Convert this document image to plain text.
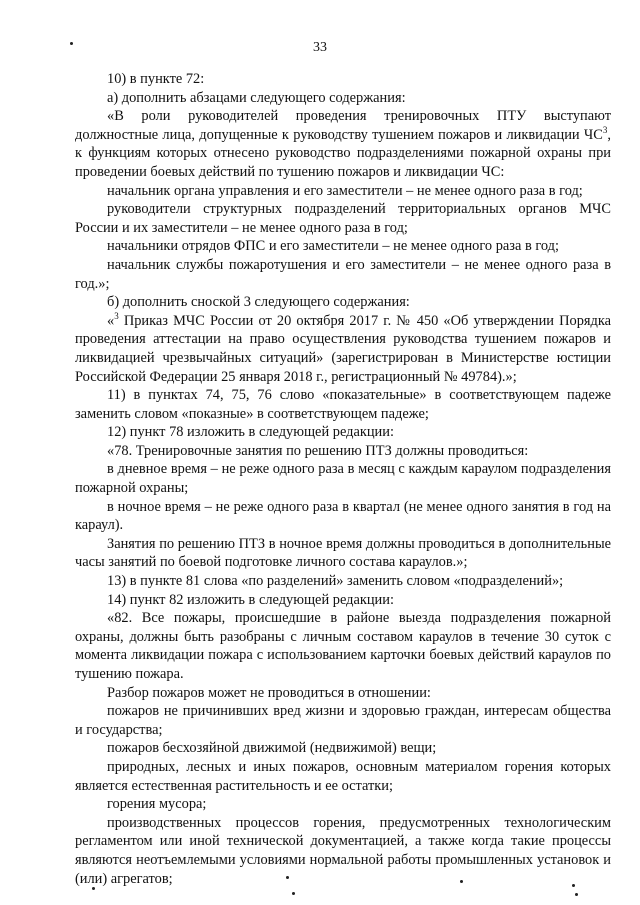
33

10) в пункте 72:

а) дополнить абзацами следующего содержания:

«В роли руководителей проведения тренировочных ПТУ выступают должностные лица, допущенные к руководству тушением пожаров и ликвидации $ЧС^3$, к функциям которых отнесено руководство подразделениями пожарной охраны при проведении боевых действий по тушению пожаров и ликвидации ЧС:

начальник органа управления и его заместители – не менее одного раза в год;

руководители структурных подразделений территориальных органов МЧС России и их заместители – не менее одного раза в год;

начальники отрядов ФПС и его заместители – не менее одного раза в год;

начальник службы пожаротушения и его заместители – не менее одного раза в год.»;

б) дополнить сноской 3 следующего содержания:

«$^3$ Приказ МЧС России от 20 октября 2017 г. № 450 «Об утверждении Порядка проведения аттестации на право осуществления руководства тушением пожаров и ликвидацией чрезвычайных ситуаций» (зарегистрирован в Министерстве юстиции Российской Федерации 25 января 2018 г., регистрационный № 49784).»;

11) в пунктах 74, 75, 76 слово «показательные» в соответствующем падеже заменить словом «показные» в соответствующем падеже;

12) пункт 78 изложить в следующей редакции:

«78. Тренировочные занятия по решению ПТЗ должны проводиться:

в дневное время – не реже одного раза в месяц с каждым караулом подразделения пожарной охраны;

в ночное время – не реже одного раза в квартал (не менее одного занятия в год на караул).

Занятия по решению ПТЗ в ночное время должны проводиться в дополнительные часы занятий по боевой подготовке личного состава караулов.»;

13) в пункте 81 слова «по разделений» заменить словом «подразделений»;

14) пункт 82 изложить в следующей редакции:

«82. Все пожары, происшедшие в районе выезда подразделения пожарной охраны, должны быть разобраны с личным составом караулов в течение 30 суток с момента ликвидации пожара с использованием карточки боевых действий караулов по тушению пожара.

Разбор пожаров может не проводиться в отношении:

пожаров не причинивших вред жизни и здоровью граждан, интересам общества и государства;

пожаров бесхозяйной движимой (недвижимой) вещи;

природных, лесных и иных пожаров, основным материалом горения которых является естественная растительность и ее остатки;

горения мусора;

производственных процессов горения, предусмотренных технологическим регламентом или иной технической документацией, а также когда такие процессы являются неотъемлемыми условиями нормальной работы промышленных установок и (или) агрегатов;
